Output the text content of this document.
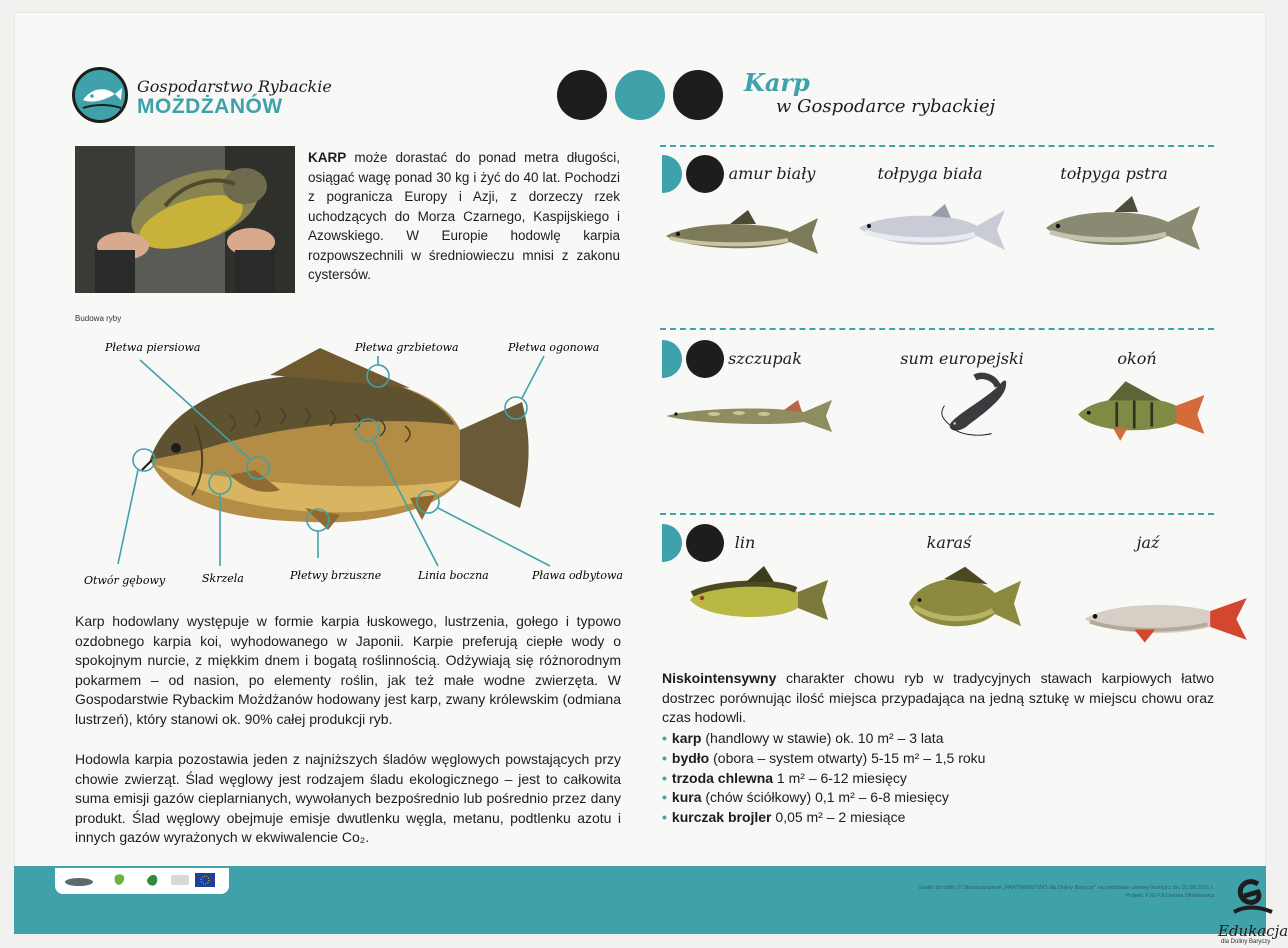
Gospodarstwo Rybackie
MOŻDŻANÓW
Karp
w Gospodarce rybackiej
KARP może dorastać do ponad metra długości, osiągać wagę ponad 30 kg i żyć do 40 lat. Pochodzi z pogranicza Europy i Azji, z dorzeczy rzek uchodzących do Morza Czarnego, Kaspijskiego i Azowskiego. W Europie hodowlę karpia rozpowszechnili w średniowieczu mnisi z zakonu cystersów.
Budowa ryby
Płetwa piersiowa	Płetwa grzbietowa	Płetwa ogonowa
Otwór gębowy	Skrzela	Płetwy brzuszne	Linia boczna	Pława odbytowa
Karp hodowlany występuje w formie karpia łuskowego, lustrzenia, gołego i typowo ozdobnego karpia koi, wyhodowanego w Japonii. Karpie preferują ciepłe wody o spokojnym nurcie, z miękkim dnem i bogatą roślinnością. Odżywiają się różnorodnym pokarmem – od nasion, po elementy roślin, jak też małe wodne zwierzęta. W Gospodarstwie Rybackim Możdżanów hodowany jest karp, zwany królewskim (odmiana lustrzeń), który stanowi ok. 90% całej produkcji ryb.
Hodowla karpia pozostawia jeden z najniższych śladów węglowych powstających przy chowie zwierząt. Ślad węglowy jest rodzajem śladu ekologicznego – jest to całkowita suma emisji gazów cieplarnianych, wywołanych bezpośrednio lub pośrednio przez dany produkt. Ślad węglowy obejmuje emisje dwutlenku węgla, metanu, podtlenku azotu i innych gazów wyrażonych w ekwiwalencie Co₂.
amur biały	tołpyga biała	tołpyga pstra
szczupak	sum europejski	okoń
lin	karaś	jaź
Niskointensywny charakter chowu ryb w tradycyjnych stawach karpiowych łatwo dostrzec porównując ilość miejsca przypadająca na jedną sztukę w miejscu chowu oraz czas hodowli.
• karp (handlowy w stawie) ok. 10 m² – 3 lata
• bydło (obora – system otwarty) 5-15 m² – 1,5 roku
• trzoda chlewna 1 m² – 6-12 miesięcy
• kura (chów ściółkowy) 0,1 m² – 6-8 miesięcy
• kurczak brojler 0,05 m² – 2 miesiące
Grafiki do tablic © Stowarzyszenie „PARTNERSTWO dla Doliny Baryczy” na podstawie umowy licencji z dn. 01.08.2021 r.
Projekt: FJU FJU Iwona Wiśniewska
Edukacja
dla Doliny Baryczy
